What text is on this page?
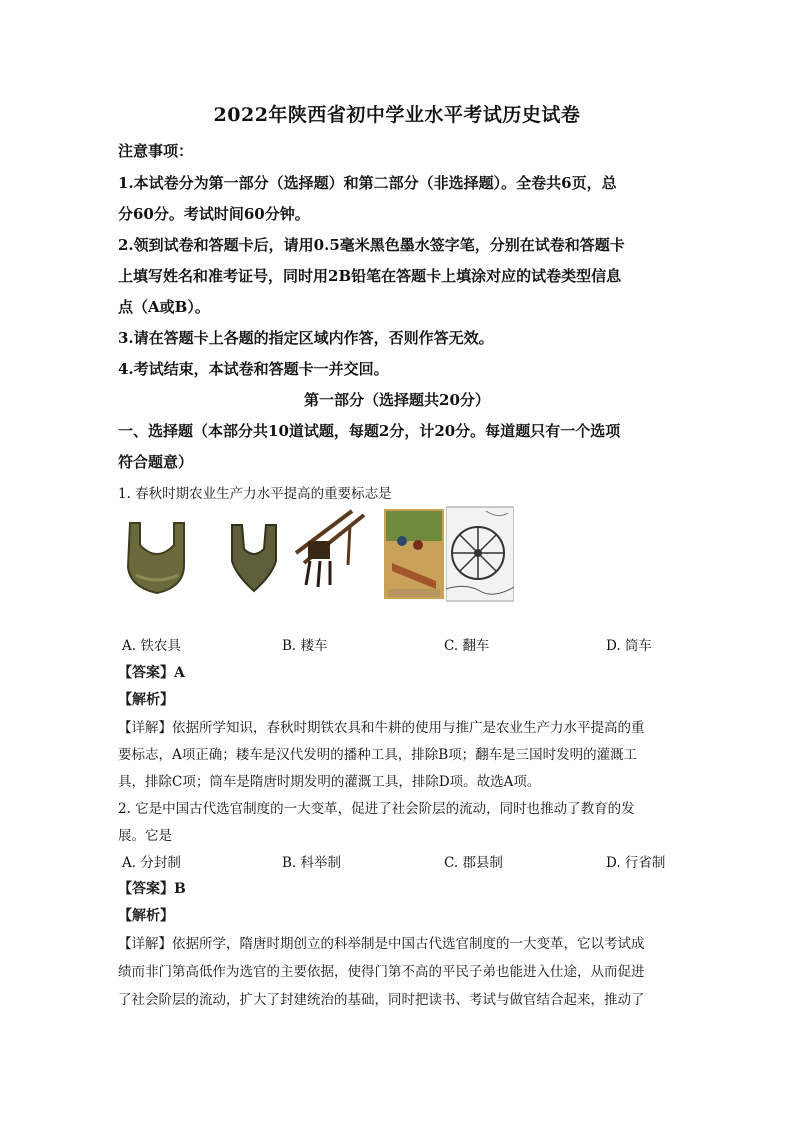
2022年陕西省初中学业水平考试历史试卷
注意事项：
1.本试卷分为第一部分（选择题）和第二部分（非选择题）。全卷共6页，总
分60分。考试时间60分钟。
2.领到试卷和答题卡后，请用0.5毫米黑色墨水签字笔，分别在试卷和答题卡
上填写姓名和准考证号，同时用2B铅笔在答题卡上填涂对应的试卷类型信息
点（A或B）。
3.请在答题卡上各题的指定区域内作答，否则作答无效。
4.考试结束，本试卷和答题卡一并交回。
第一部分（选择题共20分）
一、选择题（本部分共10道试题，每题2分，计20分。每道题只有一个选项
符合题意）
1. 春秋时期农业生产力水平提高的重要标志是
A. 铁农具	B. 耧车	C. 翻车	D. 筒车
【答案】A
【解析】
【详解】依据所学知识，春秋时期铁农具和牛耕的使用与推广是农业生产力水平提高的重
要标志，A项正确；耧车是汉代发明的播种工具，排除B项；翻车是三国时发明的灌溉工
具，排除C项；筒车是隋唐时期发明的灌溉工具，排除D项。故选A项。
2. 它是中国古代选官制度的一大变革，促进了社会阶层的流动，同时也推动了教育的发
展。它是
A. 分封制	B. 科举制	C. 郡县制	D. 行省制
【答案】B
【解析】
【详解】依据所学，隋唐时期创立的科举制是中国古代选官制度的一大变革，它以考试成
绩而非门第高低作为选官的主要依据，使得门第不高的平民子弟也能进入仕途，从而促进
了社会阶层的流动，扩大了封建统治的基础，同时把读书、考试与做官结合起来，推动了
